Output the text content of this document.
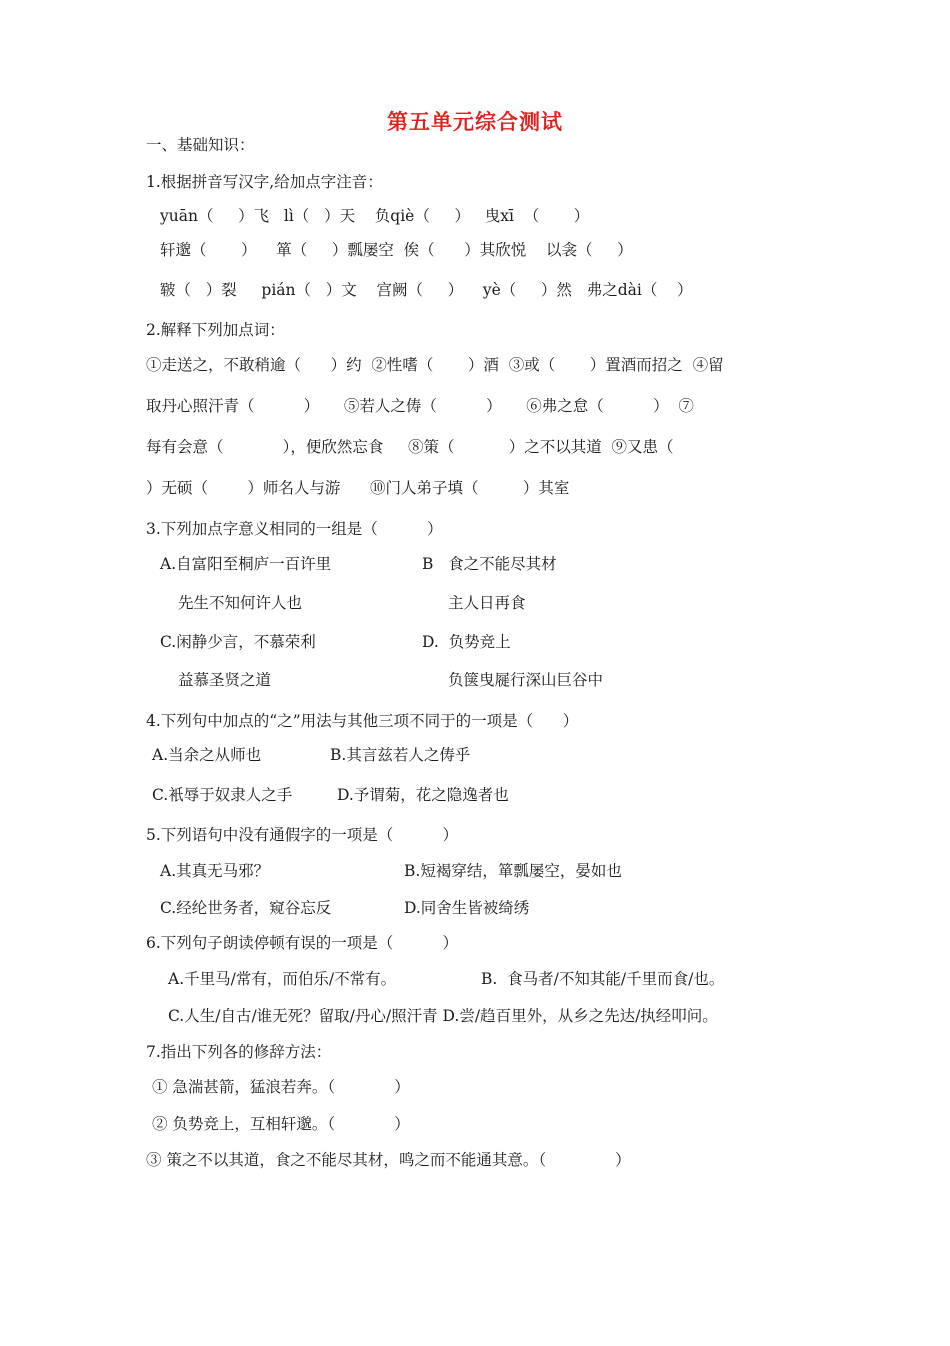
第五单元综合测试
一、基础知识：
1.根据拼音写汉字,给加点字注音：
yuān（     ）飞   lì（   ）天    负qiè（     ）   曳xī  （       ）
轩邈（       ）    箪（     ）瓢屡空  俟（      ）其欣悦    以衾（     ）
皲（   ）裂     pián（   ）文    宫阙（     ）    yè（     ）然   弗之dài（    ）
2.解释下列加点词：
①走送之，不敢稍逾（      ）约  ②性嗜（       ）酒  ③或（       ）置酒而招之  ④留
取丹心照汗青（          ）     ⑤若人之俦（          ）     ⑥弗之怠（          ）  ⑦
每有会意（            ），便欣然忘食     ⑧策（           ）之不以其道  ⑨又患（
）无硕（        ）师名人与游      ⑩门人弟子填（         ）其室
3.下列加点字意义相同的一组是（          ）
A.自富阳至桐庐一百许里	B   食之不能尽其材
先生不知何许人也	主人日再食
C.闲静少言，不慕荣利	D.  负势竞上
益慕圣贤之道	负箧曳屣行深山巨谷中
4.下列句中加点的“之”用法与其他三项不同于的一项是（      ）
A.当余之从师也	B.其言兹若人之俦乎
C.衹辱于奴隶人之手	D.予谓菊，花之隐逸者也
5.下列语句中没有通假字的一项是（          ）
A.其真无马邪？	B.短褐穿结，箪瓢屡空，晏如也
C.经纶世务者，窥谷忘反	D.同舍生皆被绮绣
6.下列句子朗读停顿有误的一项是（          ）
A.千里马/常有，而伯乐/不常有。	B.  食马者/不知其能/千里而食/也。
C.人生/自古/谁无死？留取/丹心/照汗青 D.尝/趋百里外，从乡之先达/执经叩问。
7.指出下列各的修辞方法：
① 急湍甚箭，猛浪若奔。（            ）
② 负势竞上，互相轩邈。（            ）
③ 策之不以其道，食之不能尽其材，鸣之而不能通其意。（              ）
